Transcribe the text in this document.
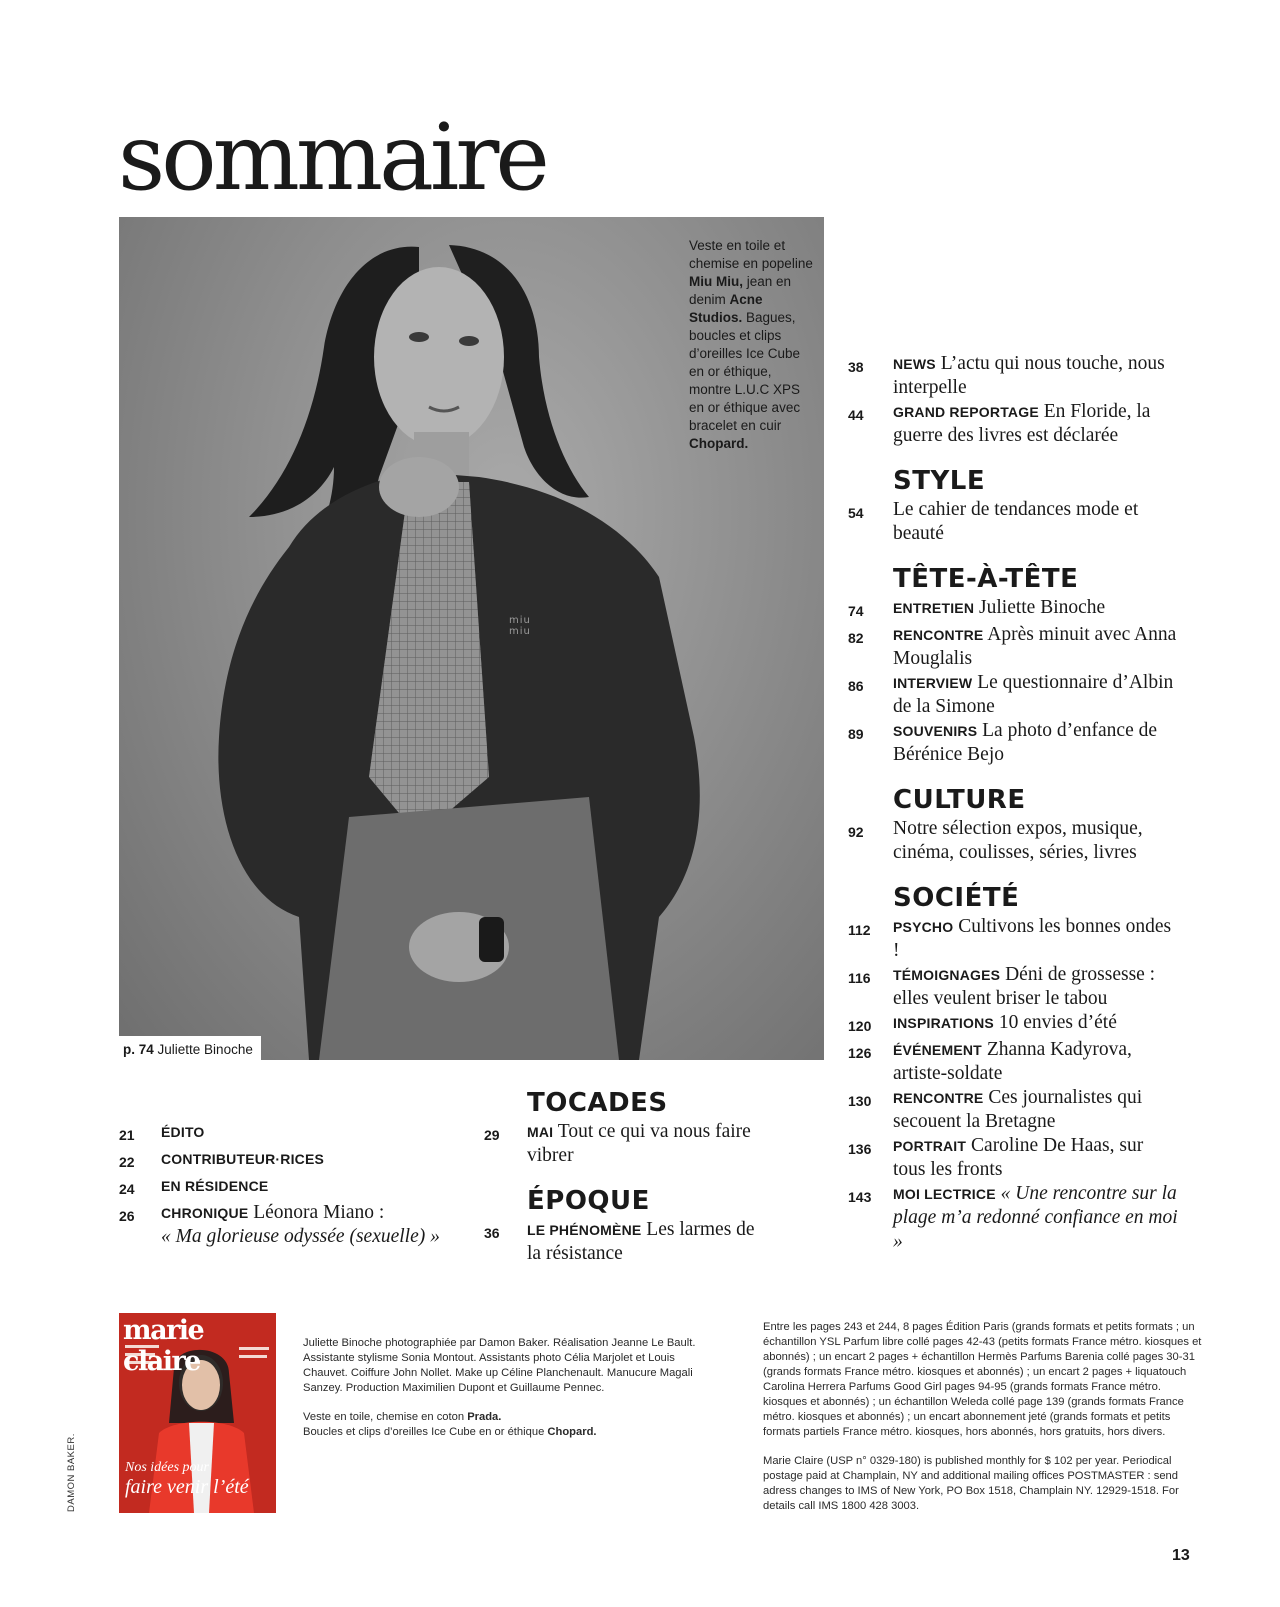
sommaire
miu miu
Veste en toile et chemise en popeline Miu Miu, jean en denim Acne Studios. Bagues, boucles et clips d’oreilles Ice Cube en or éthique, montre L.U.C XPS en or éthique avec bracelet en cuir Chopard.
p. 74 Juliette Binoche
38	NEWS L’actu qui nous touche, nous interpelle
44	GRAND REPORTAGE En Floride, la guerre des livres est déclarée
STYLE
54	Le cahier de tendances mode et beauté
TÊTE-À-TÊTE
74	ENTRETIEN Juliette Binoche
82	RENCONTRE Après minuit avec Anna Mouglalis
86	INTERVIEW Le questionnaire d’Albin de la Simone
89	SOUVENIRS La photo d’enfance de Bérénice Bejo
CULTURE
92	Notre sélection expos, musique, cinéma, coulisses, séries, livres
SOCIÉTÉ
112	PSYCHO Cultivons les bonnes ondes !
116	TÉMOIGNAGES Déni de grossesse : elles veulent briser le tabou
120	INSPIRATIONS 10 envies d’été
126	ÉVÉNEMENT Zhanna Kadyrova, artiste-soldate
130	RENCONTRE Ces journalistes qui secouent la Bretagne
136	PORTRAIT Caroline De Haas, sur tous les fronts
143	MOI LECTRICE « Une rencontre sur la plage m’a redonné confiance en moi »
21	ÉDITO
22	CONTRIBUTEUR·RICES
24	EN RÉSIDENCE
26	CHRONIQUE Léonora Miano :
« Ma glorieuse odyssée (sexuelle) »
TOCADES
29	MAI Tout ce qui va nous faire vibrer
ÉPOQUE
36	LE PHÉNOMÈNE Les larmes de la résistance
marie claire
Nos idées pour
faire venir l’été

Juliette Binoche photographiée par Damon Baker. Réalisation Jeanne Le Bault. Assistante stylisme Sonia Montout. Assistants photo Célia Marjolet et Louis Chauvet. Coiffure John Nollet. Make up Céline Planchenault. Manucure Magali Sanzey. Production Maximilien Dupont et Guillaume Pennec.

Veste en toile, chemise en coton Prada.

Boucles et clips d’oreilles Ice Cube en or éthique Chopard.

Entre les pages 243 et 244, 8 pages Édition Paris (grands formats et petits formats ; un échantillon YSL Parfum libre collé pages 42-43 (petits formats France métro. kiosques et abonnés) ; un encart 2 pages + échantillon Hermès Parfums Barenia collé pages 30-31 (grands formats France métro. kiosques et abonnés) ; un encart 2 pages + liquatouch Carolina Herrera Parfums Good Girl pages 94-95 (grands formats France métro. kiosques et abonnés) ; un échantillon Weleda collé page 139 (grands formats France métro. kiosques et abonnés) ; un encart abonnement jeté (grands formats et petits formats partiels France métro. kiosques, hors abonnés, hors gratuits, hors divers.

Marie Claire (USP n° 0329-180) is published monthly for $ 102 per year. Periodical postage paid at Champlain, NY and additional mailing offices POSTMASTER : send adress changes to IMS of New York, PO Box 1518, Champlain NY. 12929-1518. For details call IMS 1800 428 3003.

DAMON BAKER.
13
